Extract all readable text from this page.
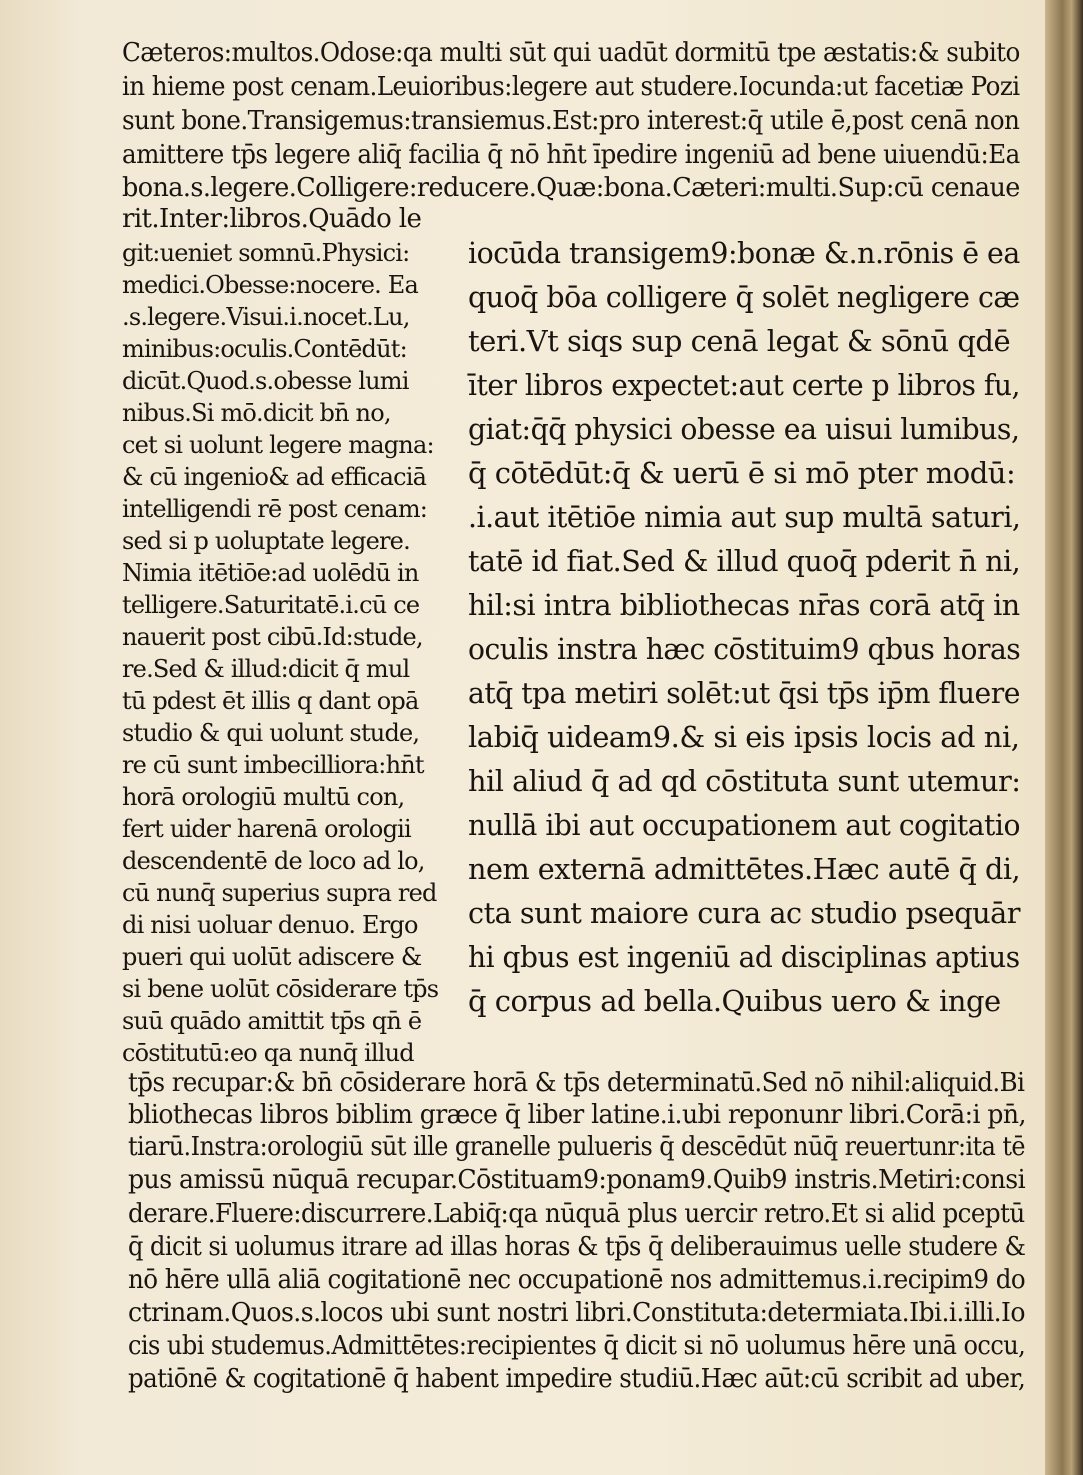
Cæteros:multos.Odose:qa multi sūt qui uadūt dormitū tpe æstatis:& subito

in hieme post cenam.Leuioribus:legere aut studere.Iocunda:ut facetiæ Pozi

sunt bone.Transigemus:transiemus.Est:pro interest:q̄ utile ē,post cenā non

amittere tp̄s legere aliq̄ facilia q̄ nō hn̄t īpedire ingeniū ad bene uiuendū:Ea

bona.s.legere.Colligere:reducere.Quæ:bona.Cæteri:multi.Sup:cū cenaue

rit.Inter:libros.Quādo le

git:ueniet somnū.Physici:

medici.Obesse:nocere. Ea

.s.legere.Visui.i.nocet.Lu,

minibus:oculis.Contēdūt:

dicūt.Quod.s.obesse lumi

nibus.Si mō.dicit bn̄ no,

cet si uolunt legere magna:

& cū ingenio& ad efficaciā

intelligendi rē post cenam:

sed si p uoluptate legere.

Nimia itētiōe:ad uolēdū in

telligere.Saturitatē.i.cū ce

nauerit post cibū.Id:stude,

re.Sed & illud:dicit q̄ mul

tū pdest ēt illis q dant opā

studio & qui uolunt stude,

re cū sunt imbecilliora:hn̄t

horā orologiū multū con,

fert uider harenā orologii

descendentē de loco ad lo,

cū nunq̄ superius supra red

di nisi uoluar denuo. Ergo

pueri qui uolūt adiscere &

si bene uolūt cōsiderare tp̄s

suū quādo amittit tp̄s qn̄ ē

cōstitutū:eo qa nunq̄ illud

iocūda transigem9:bonæ &.n.rōnis ē ea

quoq̄ bōa colligere q̄ solēt negligere cæ

teri.Vt siqs sup cenā legat & sōnū qdē

īter libros expectet:aut certe p libros fu,

giat:q̄q̄ physici obesse ea uisui lumibus,

q̄ cōtēdūt:q̄ & uerū ē si mō pter modū:

.i.aut itētiōe nimia aut sup multā saturi,

tatē id fiat.Sed & illud quoq̄ pderit n̄ ni,

hil:si intra bibliothecas nr̄as corā atq̄ in

oculis instra hæc cōstituim9 qbus horas

atq̄ tpa metiri solēt:ut q̄si tp̄s ip̄m fluere

labiq̄ uideam9.& si eis ipsis locis ad ni,

hil aliud q̄ ad qd cōstituta sunt utemur:

nullā ibi aut occupationem aut cogitatio

nem externā admittētes.Hæc autē q̄ di,

cta sunt maiore cura ac studio psequār

hi qbus est ingeniū ad disciplinas aptius

q̄ corpus ad bella.Quibus uero & inge

tp̄s recupar:& bn̄ cōsiderare horā & tp̄s determinatū.Sed nō nihil:aliquid.Bi

bliothecas libros biblim græce q̄ liber latine.i.ubi reponunr libri.Corā:i pn̄,

tiarū.Instra:orologiū sūt ille granelle pulueris q̄ descēdūt nūq̄ reuertunr:ita tē

pus amissū nūquā recupar.Cōstituam9:ponam9.Quib9 instris.Metiri:consi

derare.Fluere:discurrere.Labiq̄:qa nūquā plus uercir retro.Et si alid pceptū

q̄ dicit si uolumus itrare ad illas horas & tp̄s q̄ deliberauimus uelle studere &

nō hēre ullā aliā cogitationē nec occupationē nos admittemus.i.recipim9 do

ctrinam.Quos.s.locos ubi sunt nostri libri.Constituta:determiata.Ibi.i.illi.Io

cis ubi studemus.Admittētes:recipientes q̄ dicit si nō uolumus hēre unā occu,

patiōnē & cogitationē q̄ habent impedire studiū.Hæc aūt:cū scribit ad uber,
